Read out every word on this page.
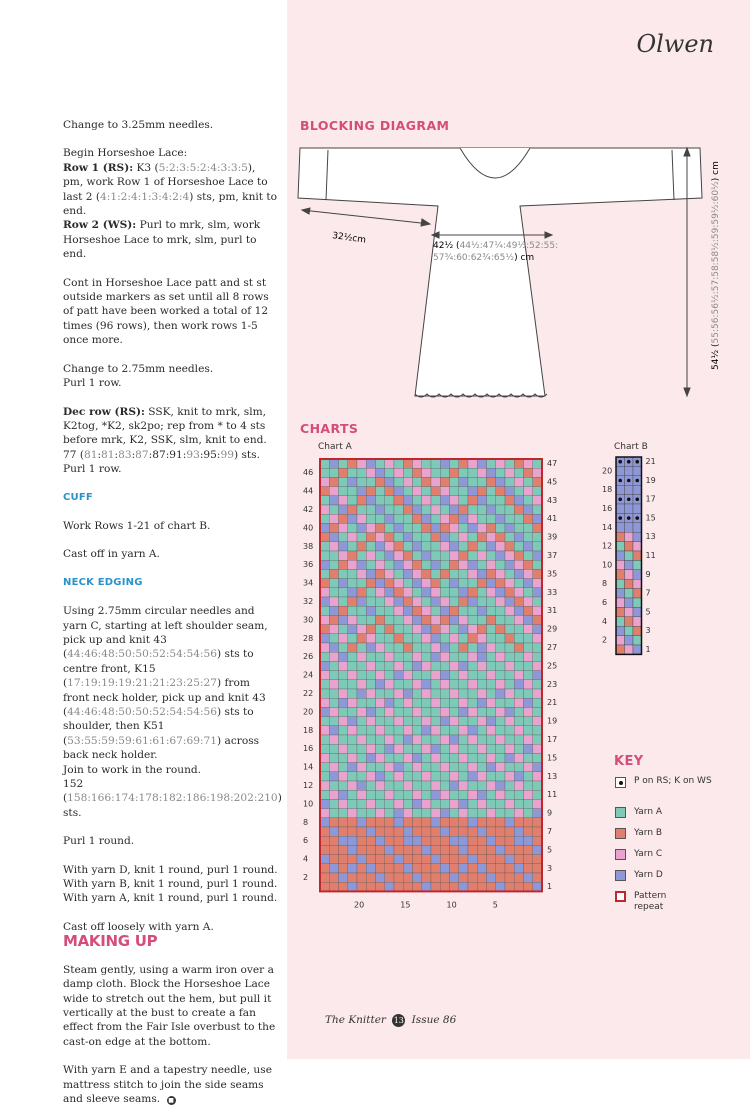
Olwen

Change to 3.25mm needles.

Begin Horseshoe Lace:
Row 1 (RS): K3 (5:2:3:5:2:4:3:3:5), pm, work Row 1 of Horseshoe Lace to last 2 (4:1:2:4:1:3:4:2:4) sts, pm, knit to end.
Row 2 (WS): Purl to mrk, slm, work Horseshoe Lace to mrk, slm, purl to end.

Cont in Horseshoe Lace patt and st st outside markers as set until all 8 rows of patt have been worked a total of 12 times (96 rows), then work rows 1-5 once more.

Change to 2.75mm needles.
Purl 1 row.

Dec row (RS): SSK, knit to mrk, slm, K2tog, *K2, sk2po; rep from * to 4 sts before mrk, K2, SSK, slm, knit to end.
77 (81:81:83:87:87:91:93:95:99) sts.
Purl 1 row.

CUFF

Work Rows 1-21 of chart B.

Cast off in yarn A.

NECK EDGING

Using 2.75mm circular needles and yarn C, starting at left shoulder seam, pick up and knit 43 (44:46:48:50:50:52:54:54:56) sts to centre front, K15 (17:19:19:19:21:21:23:25:27) from front neck holder, pick up and knit 43 (44:46:48:50:50:52:54:54:56) sts to shoulder, then K51 (53:55:59:59:61:61:67:69:71) across back neck holder.
Join to work in the round.
152 (158:166:174:178:182:186:198:202:210) sts.

Purl 1 round.

With yarn D, knit 1 round, purl 1 round.
With yarn B, knit 1 round, purl 1 round.
With yarn A, knit 1 round, purl 1 round.

Cast off loosely with yarn A.

MAKING UP

Steam gently, using a warm iron over a damp cloth. Block the Horseshoe Lace wide to stretch out the hem, but pull it vertically at the bust to create a fan effect from the Fair Isle overbust to the cast-on edge at the bottom.

With yarn E and a tapestry needle, use mattress stitch to join the side seams and sleeve seams. ■

BLOCKING DIAGRAM
32½cm
42½ (44½:47¼:49½:52:55:
57¾:60:62¾:65½) cm
54½ (55:56:56½:57:58:58½:59:59½:60½) cm
CHARTS
Chart A	Chart B
47
45
43
41
39
37
35
33
31
29
27
25
23
21
19
17
15
13
11
9
7
5
3
1
46
44
42
40
38
36
34
32
30
28
26
24
22
20
18
16
14
12
10
8
6
4
2
20	15	10	5
21
19
17
15
13
11
9
7
5
3
1
20
18
16
14
12
10
8
6
4
2
KEY
P on RS; K on WS
Yarn A
Yarn B
Yarn C
Yarn D
Pattern repeat
The Knitter 13 Issue 86
